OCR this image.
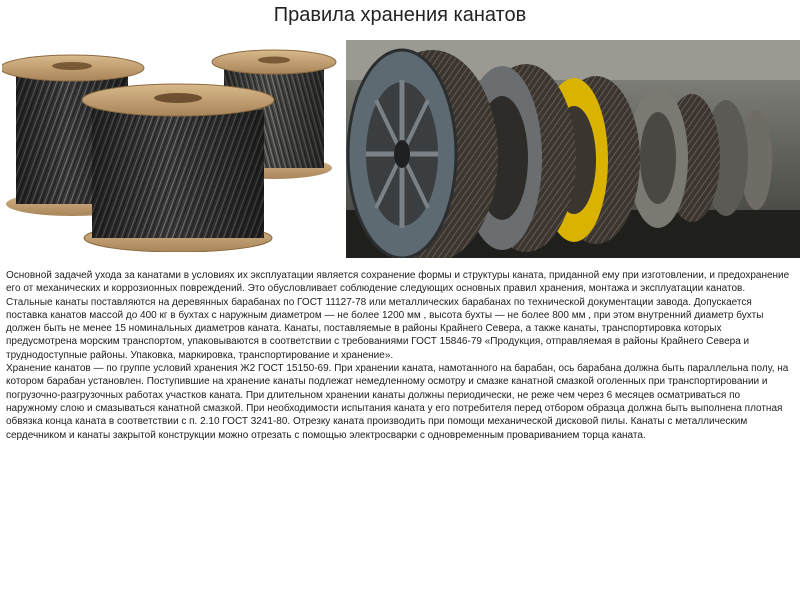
Правила хранения канатов

Основной задачей ухода за канатами в условиях их эксплуатации является сохранение формы и структуры каната, приданной ему при изготовлении, и предохранение его от механических и коррозионных повреждений. Это обусловливает соблюдение следующих основных правил хранения, монтажа и эксплуатации канатов. Стальные канаты поставляются на деревянных барабанах по ГОСТ 11127-78 или металлических барабанах по технической документации завода. Допускается поставка канатов массой до 400 кг в бухтах с наружным диаметром — не более 1200 мм , высота бухты — не более 800 мм , при этом внутренний диаметр бухты должен быть не менее 15 номинальных диаметров каната. Канаты, поставляемые в районы Крайнего Севера, а также канаты, транспортировка которых предусмотрена морским транспортом, упаковываются в соответствии с требованиями ГОСТ 15846-79 «Продукция, отправляемая в районы Крайнего Севера и труднодоступные районы. Упаковка, маркировка, транспортирование и хранение».

Хранение канатов — по группе условий хранения Ж2 ГОСТ 15150-69. При хранении каната, намотанного на барабан, ось барабана должна быть параллельна полу, на котором барабан установлен. Поступившие на хранение канаты подлежат немедленному осмотру и смазке канатной смазкой оголенных при транспортировании и погрузочно-разгрузочных работах участков каната. При длительном хранении канаты должны периодически, не реже чем через 6 месяцев осматриваться по наружному слою и смазываться канатной смазкой. При необходимости испытания каната у его потребителя перед отбором образца должна быть выполнена плотная обвязка конца каната в соответствии с п. 2.10 ГОСТ 3241-80. Отрезку каната производить при помощи механической дисковой пилы. Канаты с металлическим сердечником и канаты закрытой конструкции можно отрезать с помощью электросварки с одновременным провариванием торца каната.
